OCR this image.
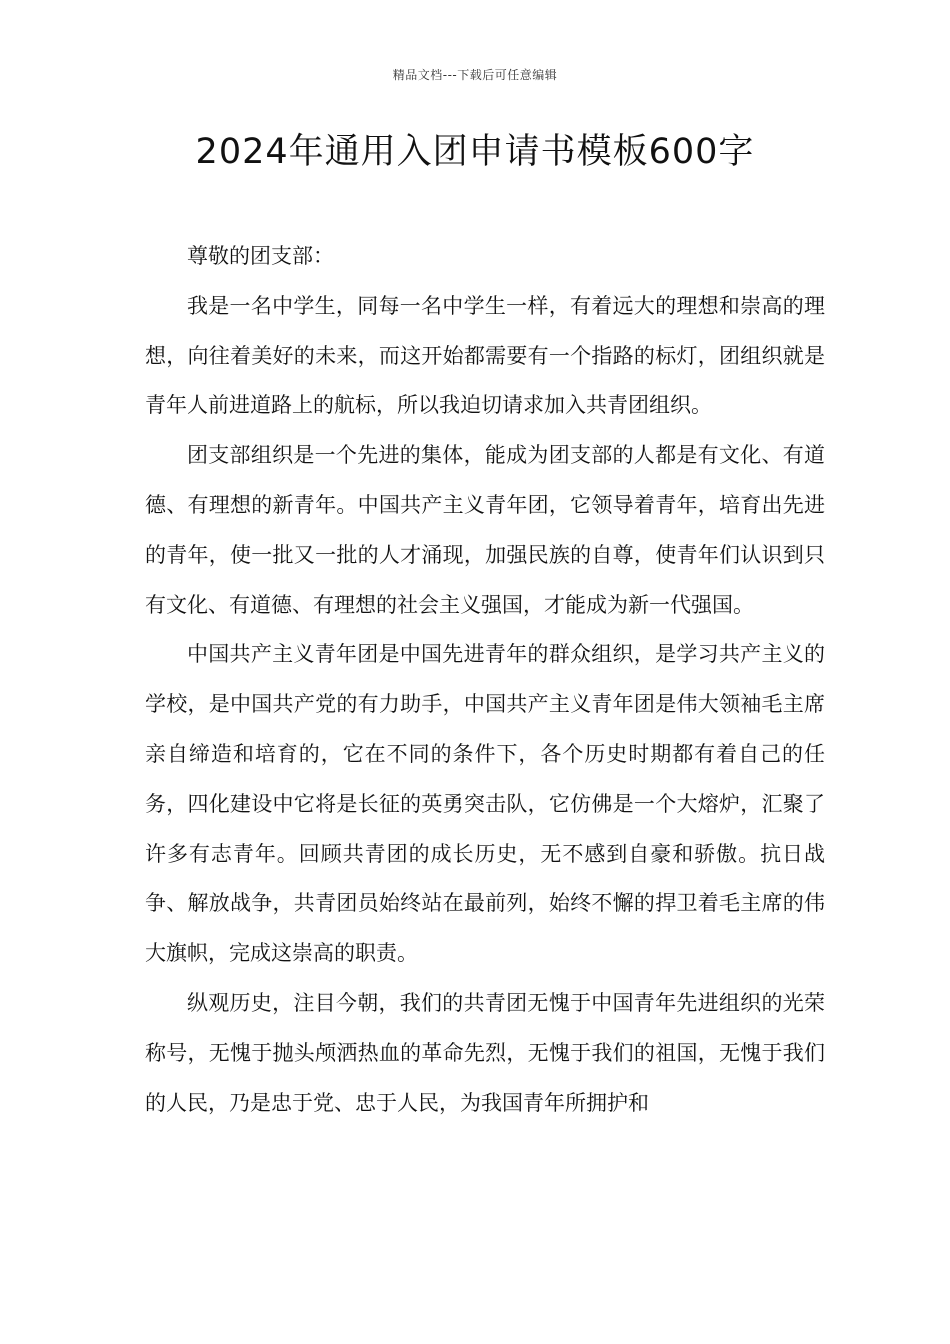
精品文档---下载后可任意编辑
2024年通用入团申请书模板600字

尊敬的团支部：

我是一名中学生，同每一名中学生一样，有着远大的理想和崇高的理想，向往着美好的未来，而这开始都需要有一个指路的标灯，团组织就是青年人前进道路上的航标，所以我迫切请求加入共青团组织。

团支部组织是一个先进的集体，能成为团支部的人都是有文化、有道德、有理想的新青年。中国共产主义青年团，它领导着青年，培育出先进的青年，使一批又一批的人才涌现，加强民族的自尊，使青年们认识到只有文化、有道德、有理想的社会主义强国，才能成为新一代强国。

中国共产主义青年团是中国先进青年的群众组织，是学习共产主义的学校，是中国共产党的有力助手，中国共产主义青年团是伟大领袖毛主席亲自缔造和培育的，它在不同的条件下，各个历史时期都有着自己的任务，四化建设中它将是长征的英勇突击队，它仿佛是一个大熔炉，汇聚了许多有志青年。回顾共青团的成长历史，无不感到自豪和骄傲。抗日战争、解放战争，共青团员始终站在最前列，始终不懈的捍卫着毛主席的伟大旗帜，完成这崇高的职责。

纵观历史，注目今朝，我们的共青团无愧于中国青年先进组织的光荣称号，无愧于抛头颅洒热血的革命先烈，无愧于我们的祖国，无愧于我们的人民，乃是忠于党、忠于人民，为我国青年所拥护和
